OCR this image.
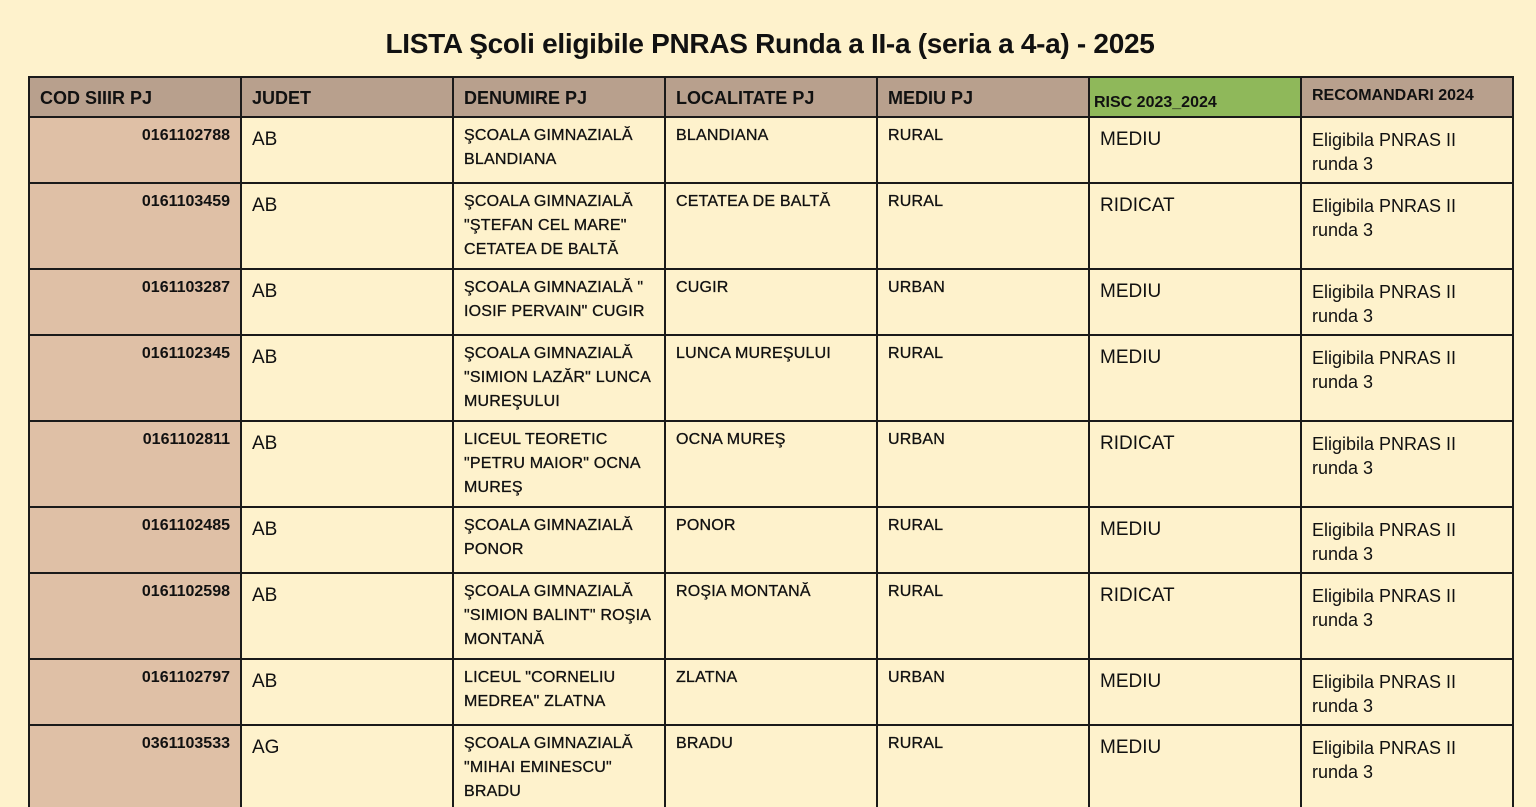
LISTA Şcoli eligibile PNRAS Runda a II-a (seria a 4-a) - 2025
COD SIIIR PJ	JUDET	DENUMIRE PJ	LOCALITATE PJ	MEDIU PJ	RISC 2023_2024	RECOMANDARI 2024
0161102788	AB	ŞCOALA GIMNAZIALĂ BLANDIANA	BLANDIANA	RURAL	MEDIU	Eligibila PNRAS II runda 3
0161103459	AB	ŞCOALA GIMNAZIALĂ "ŞTEFAN CEL MARE" CETATEA DE BALTĂ	CETATEA DE BALTĂ	RURAL	RIDICAT	Eligibila PNRAS II runda 3
0161103287	AB	ŞCOALA GIMNAZIALĂ " IOSIF PERVAIN" CUGIR	CUGIR	URBAN	MEDIU	Eligibila PNRAS II runda 3
0161102345	AB	ŞCOALA GIMNAZIALĂ "SIMION LAZĂR" LUNCA MUREŞULUI	LUNCA MUREŞULUI	RURAL	MEDIU	Eligibila PNRAS II runda 3
0161102811	AB	LICEUL TEORETIC "PETRU MAIOR" OCNA MUREŞ	OCNA MUREŞ	URBAN	RIDICAT	Eligibila PNRAS II runda 3
0161102485	AB	ŞCOALA GIMNAZIALĂ PONOR	PONOR	RURAL	MEDIU	Eligibila PNRAS II runda 3
0161102598	AB	ŞCOALA GIMNAZIALĂ "SIMION BALINT" ROŞIA MONTANĂ	ROŞIA MONTANĂ	RURAL	RIDICAT	Eligibila PNRAS II runda 3
0161102797	AB	LICEUL "CORNELIU MEDREA" ZLATNA	ZLATNA	URBAN	MEDIU	Eligibila PNRAS II runda 3
0361103533	AG	ŞCOALA GIMNAZIALĂ "MIHAI EMINESCU" BRADU	BRADU	RURAL	MEDIU	Eligibila PNRAS II runda 3
